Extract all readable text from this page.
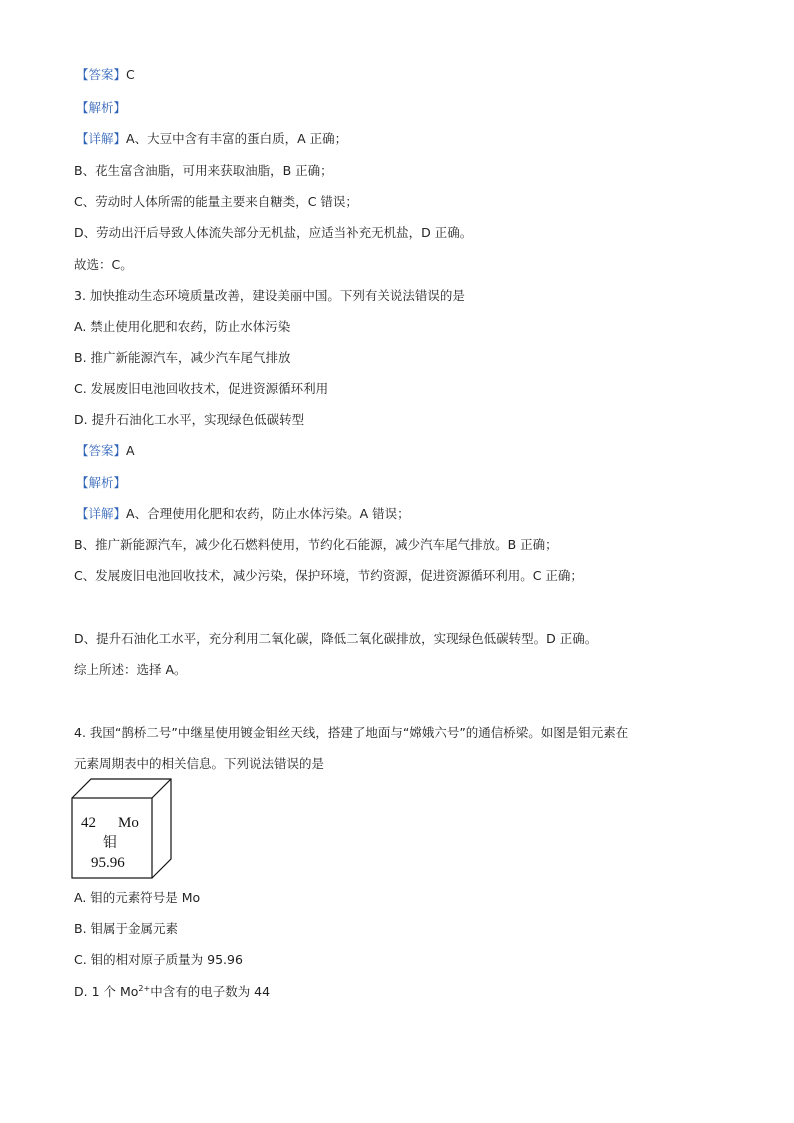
【答案】C
【解析】
【详解】A、大豆中含有丰富的蛋白质，A 正确；
B、花生富含油脂，可用来获取油脂，B 正确；
C、劳动时人体所需的能量主要来自糖类，C 错误；
D、劳动出汗后导致人体流失部分无机盐，应适当补充无机盐，D 正确。
故选：C。
3. 加快推动生态环境质量改善，建设美丽中国。下列有关说法错误的是
A. 禁止使用化肥和农药，防止水体污染
B. 推广新能源汽车，减少汽车尾气排放
C. 发展废旧电池回收技术，促进资源循环利用
D. 提升石油化工水平，实现绿色低碳转型
【答案】A
【解析】
【详解】A、合理使用化肥和农药，防止水体污染。A 错误；
B、推广新能源汽车，减少化石燃料使用，节约化石能源，减少汽车尾气排放。B 正确；
C、发展废旧电池回收技术，减少污染，保护环境，节约资源，促进资源循环利用。C 正确；
D、提升石油化工水平，充分利用二氧化碳，降低二氧化碳排放，实现绿色低碳转型。D 正确。
综上所述：选择 A。
4. 我国“鹊桥二号”中继星使用镀金钼丝天线，搭建了地面与“嫦娥六号”的通信桥梁。如图是钼元素在
元素周期表中的相关信息。下列说法错误的是
42 Mo
钼
95.96
A. 钼的元素符号是 Mo
B. 钼属于金属元素
C. 钼的相对原子质量为 95.96
D. 1 个 $Mo^{2+}$中含有的电子数为 44
